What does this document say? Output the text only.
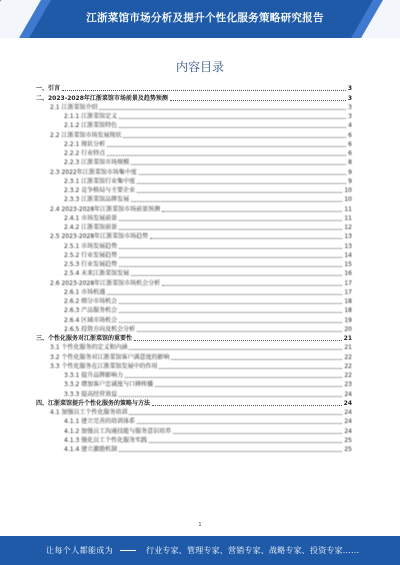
江浙菜馆市场分析及提升个性化服务策略研究报告
内容目录
一、引言	3
二、2023-2028年江浙菜馆市场前景及趋势预测	3
2.1 江浙菜馆介绍	3
2.1.1 江浙菜馆定义	3
2.1.2 江浙菜馆特色	4
2.2 江浙菜馆市场发展现状	6
2.2.1 现状分析	6
2.2.2 行业特点	6
2.2.3 江浙菜馆市场规模	8
2.3 2022年江浙菜馆市场集中度	9
2.3.1 江浙菜馆行业集中度	9
2.3.2 竞争格局与主要企业	10
2.3.3 江浙菜馆品牌发展	10
2.4 2023-2028年江浙菜馆市场前景预测	11
2.4.1 市场发展前景	11
2.4.2 江浙菜馆前景	12
2.5 2023-2028年江浙菜馆市场趋势	13
2.5.1 市场发展趋势	13
2.5.2 行业发展趋势	14
2.5.3 行业发展趋势	15
2.5.4 未来江浙菜馆发展	16
2.6 2023-2028年江浙菜馆市场机会分析	17
2.6.1 市场机遇	17
2.6.2 细分市场机会	18
2.6.3 产品服务机会	18
2.6.4 区域市场机会	19
2.6.5 投资方向及机会分析	20
三、个性化服务对江浙菜馆的重要性	21
3.1 个性化服务的定义和内涵	21
3.2 个性化服务对江浙菜馆客户满意度的影响	22
3.3 个性化服务在江浙菜馆发展中的作用	22
3.3.1 提升品牌影响力	22
3.3.2 增加客户忠诚度与口碑传播	23
3.3.3 提高经营效益	24
四、江浙菜馆提升个性化服务的策略与方法	24
4.1 加强员工个性化服务培训	24
4.1.1 建立完善的培训体系	24
4.1.2 加强员工沟通技能与服务意识培养	24
4.1.3 强化员工个性化服务实践	25
4.1.4 建立激励机制	25
1
让每个人都能成为	行业专家、管理专家、营销专家、战略专家、投资专家......
